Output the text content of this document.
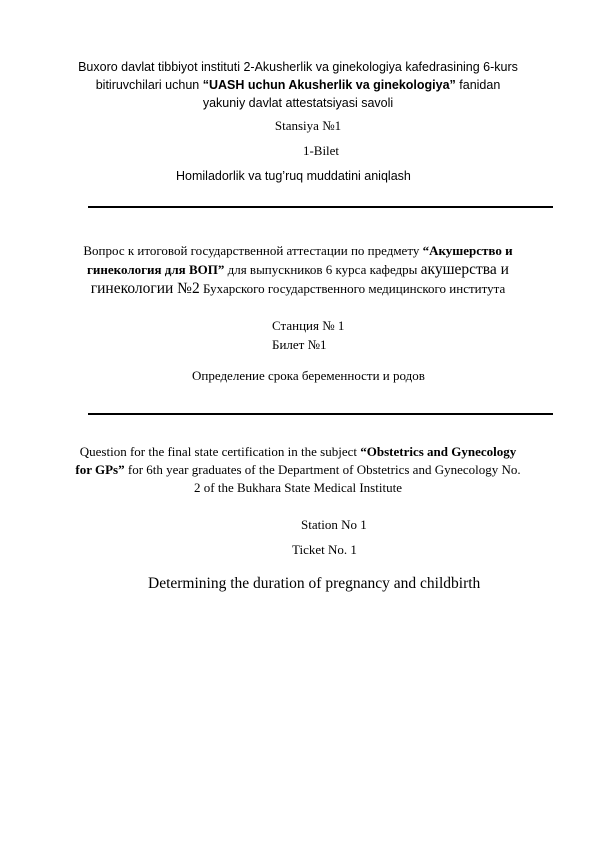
Buxoro davlat tibbiyot instituti 2-Akusherlik va ginekologiya kafedrasining 6-kurs bitiruvchilari uchun “UASH uchun Akusherlik va ginekologiya” fanidan yakuniy davlat attestatsiyasi savoli
Stansiya №1
1-Bilet
Homiladorlik va tug’ruq muddatini aniqlash
Вопрос к итоговой государственной аттестации по предмету “Акушерство и гинекология для ВОП” для выпускников 6 курса кафедры акушерства и гинекологии №2 Бухарского государственного медицинского института
Станция № 1
Билет №1
Определение срока беременности и родов
Question for the final state certification in the subject “Obstetrics and Gynecology for GPs” for 6th year graduates of the Department of Obstetrics and Gynecology No. 2 of the Bukhara State Medical Institute
Station No 1
Ticket No. 1
Determining the duration of pregnancy and childbirth
